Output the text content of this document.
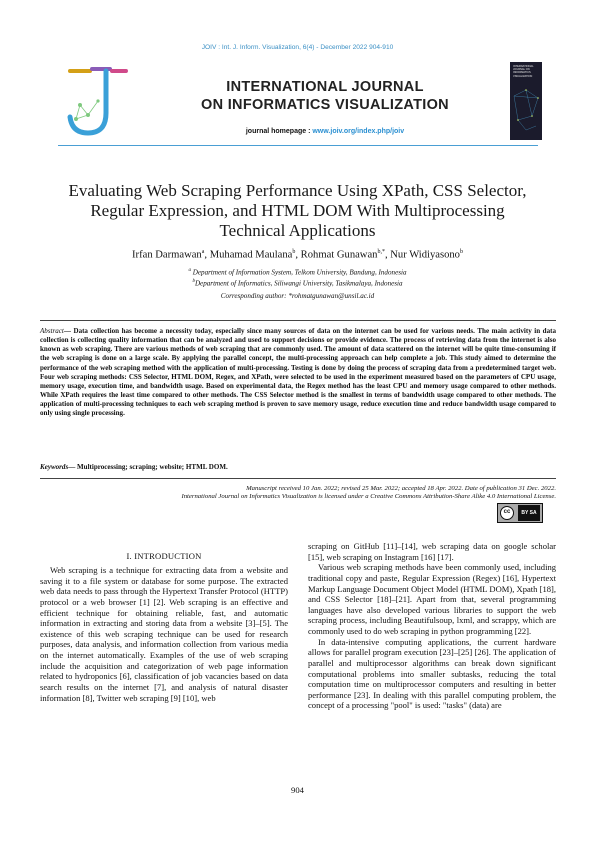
JOIV : Int. J. Inform. Visualization, 6(4) - December 2022 904-910
INTERNATIONAL JOURNAL
ON INFORMATICS VISUALIZATION
journal homepage : www.joiv.org/index.php/joiv
INTERNATIONAL JOURNAL ON INFORMATICS VISUALIZATION
Evaluating Web Scraping Performance Using XPath, CSS Selector, Regular Expression, and HTML DOM With Multiprocessing Technical Applications
Irfan Darmawan$^a$, Muhamad Maulana$^b$, Rohmat Gunawan$^{b,*}$, Nur Widiyasono$^b$
$^a$ Department of Information System, Telkom University, Bandung, Indonesia
$^b$Department of Informatics, Siliwangi University, Tasikmalaya, Indonesia
Corresponding author: *rohmatgunawan@unsil.ac.id
Abstract— Data collection has become a necessity today, especially since many sources of data on the internet can be used for various needs. The main activity in data collection is collecting quality information that can be analyzed and used to support decisions or provide evidence. The process of retrieving data from the internet is also known as web scraping. There are various methods of web scraping that are commonly used. The amount of data scattered on the internet will be quite time-consuming if the web scraping is done on a large scale. By applying the parallel concept, the multi-processing approach can help complete a job. This study aimed to determine the performance of the web scraping method with the application of multi-processing. Testing is done by doing the process of scraping data from a predetermined target web. Four web scraping methods: CSS Selector, HTML DOM, Regex, and XPath, were selected to be used in the experiment measured based on the parameters of CPU usage, memory usage, execution time, and bandwidth usage. Based on experimental data, the Regex method has the least CPU and memory usage compared to other methods. While XPath requires the least time compared to other methods. The CSS Selector method is the smallest in terms of bandwidth usage compared to other methods. The application of multi-processing techniques to each web scraping method is proven to save memory usage, reduce execution time and reduce bandwidth usage compared to only using single processing.
Keywords— Multiprocessing; scraping; website; HTML DOM.
Manuscript received 10 Jan. 2022; revised 25 Mar. 2022; accepted 18 Apr. 2022. Date of publication 31 Dec. 2022.
International Journal on Informatics Visualization is licensed under a Creative Commons Attribution-Share Alike 4.0 International License.
cc	BY SA
I. INTRODUCTION

Web scraping is a technique for extracting data from a website and saving it to a file system or database for some purpose. The extracted web data needs to pass through the Hypertext Transfer Protocol (HTTP) protocol or a web browser [1] [2]. Web scraping is an effective and efficient technique for obtaining reliable, fast, and automatic information in extracting and storing data from a website [3]–[5]. The existence of this web scraping technique can be used for research purposes, data analysis, and information collection from various media on the internet automatically. Examples of the use of web scraping include the acquisition and categorization of web page information related to hydroponics [6], classification of job vacancies based on data search results on the internet [7], and analysis of natural disaster information [8], Twitter web scraping [9] [10], web

scraping on GitHub [11]–[14], web scraping data on google scholar [15], web scraping on Instagram [16] [17].

Various web scraping methods have been commonly used, including traditional copy and paste, Regular Expression (Regex) [16], Hypertext Markup Language Document Object Model (HTML DOM), Xpath [18], and CSS Selector [18]–[21]. Apart from that, several programming languages have also developed various libraries to support the web scraping process, including Beautifulsoup, lxml, and scrappy, which are commonly used to do web scraping in python programming [22].

In data-intensive computing applications, the current hardware allows for parallel program execution [23]–[25] [26]. The application of parallel and multiprocessor algorithms can break down significant computational problems into smaller subtasks, reducing the total computation time on multiprocessor computers and resulting in better performance [23]. In dealing with this parallel computing problem, the concept of a processing "pool" is used: "tasks" (data) are

904
